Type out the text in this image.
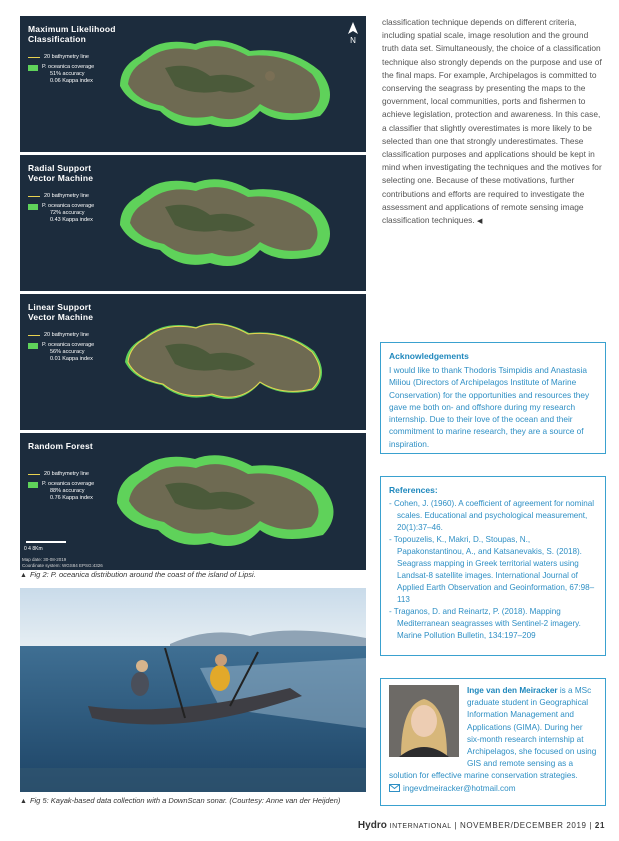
Maximum Likelihood
Classification
20 bathymetry line
P. oceanica coverage
51% accuracy
0.06 Kappa index
N
Radial Support
Vector Machine
20 bathymetry line
P. oceanica coverage
72% accuracy
0.43 Kappa index
Linear Support
Vector Machine
20 bathymetry line
P. oceanica coverage
56% accuracy
0.01 Kappa index
Random Forest
20 bathymetry line
P. oceanica coverage
88% accuracy
0.76 Kappa index
0 4 8Km
Map date: 30-08-2019
Coordinate system: WGS84 EPSG:4326
▲ Fig 2: P. oceanica distribution around the coast of the island of Lipsi.
▲ Fig 5: Kayak-based data collection with a DownScan sonar. (Courtesy: Anne van der Heijden)
classification technique depends on different criteria, including spatial scale, image resolution and the ground truth data set. Simultaneously, the choice of a classification technique also strongly depends on the purpose and use of the final maps. For example, Archipelagos is committed to conserving the seagrass by presenting the maps to the government, local communities, ports and fishermen to achieve legislation, protection and awareness. In this case, a classifier that slightly overestimates is more likely to be selected than one that strongly underestimates. These classification purposes and applications should be kept in mind when investigating the techniques and the motives for selecting one. Because of these motivations, further contributions and efforts are required to investigate the assessment and applications of remote sensing image classification techniques. ◀
Acknowledgements
I would like to thank Thodoris Tsimpidis and Anastasia Miliou (Directors of Archipelagos Institute of Marine Conservation) for the opportunities and resources they gave me both on- and offshore during my research internship. Due to their love of the ocean and their commitment to marine research, they are a source of inspiration.
References:
- Cohen, J. (1960). A coefficient of agreement for nominal scales. Educational and psychological measurement, 20(1):37–46.
- Topouzelis, K., Makri, D., Stoupas, N., Papakonstantinou, A., and Katsanevakis, S. (2018). Seagrass mapping in Greek territorial waters using Landsat-8 satellite images. International Journal of Applied Earth Observation and Geoinformation, 67:98–113
- Traganos, D. and Reinartz, P. (2018). Mapping Mediterranean seagrasses with Sentinel-2 imagery. Marine Pollution Bulletin, 134:197–209
Inge van den Meiracker is a MSc graduate student in Geographical Information Management and Applications (GIMA). During her six-month research internship at Archipelagos, she focused on using GIS and remote sensing as a solution for effective marine conservation strategies.
ingevdmeiracker@hotmail.com
Hydro INTERNATIONAL | NOVEMBER/DECEMBER 2019 | 21
